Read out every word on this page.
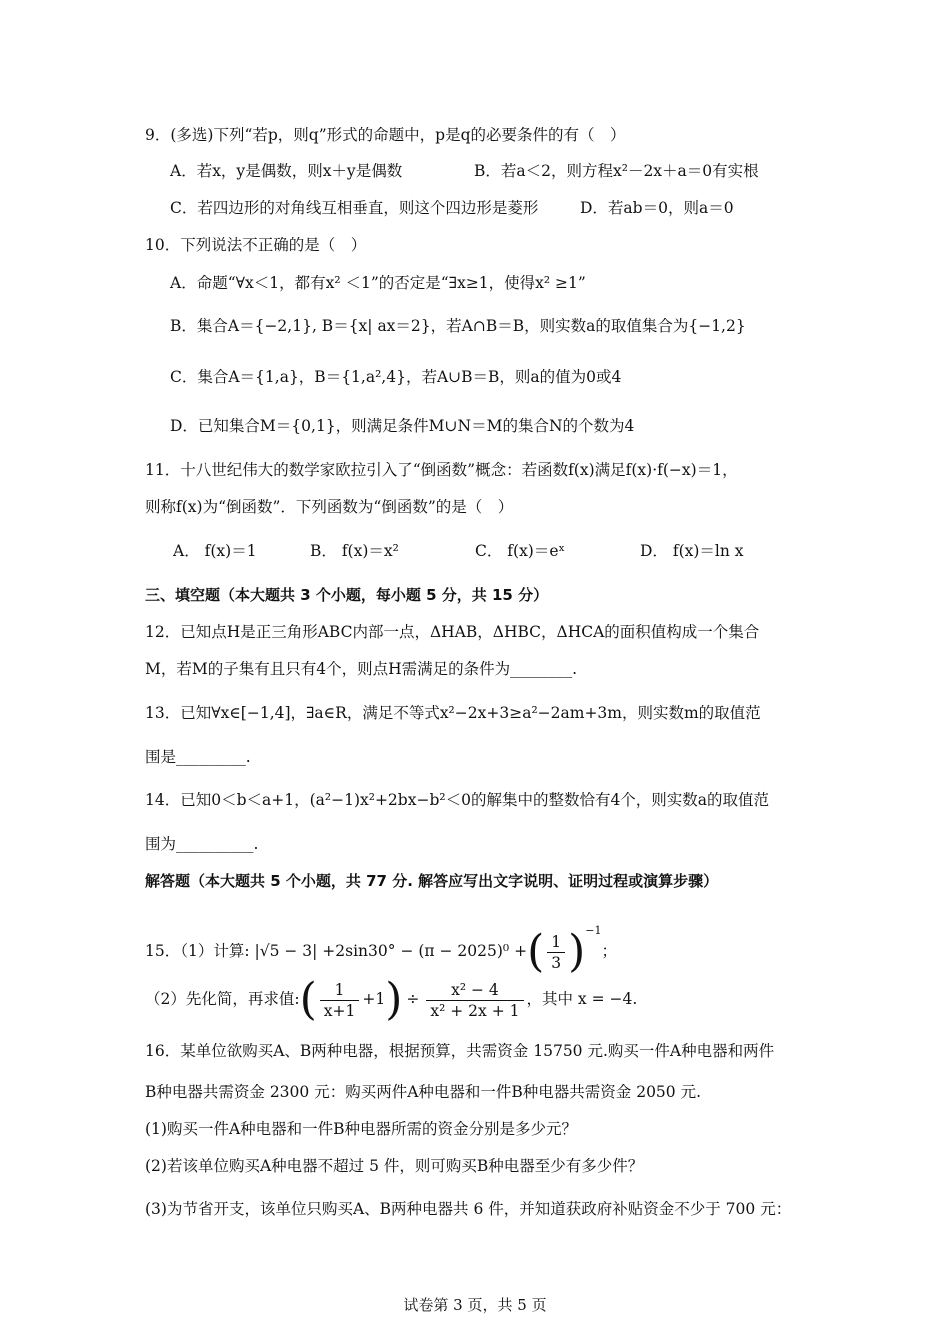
9．(多选)下列“若p，则q”形式的命题中，p是q的必要条件的有（　）
A．若x，y是偶数，则x＋y是偶数	B．若a＜2，则方程x²－2x＋a＝0有实根
C．若四边形的对角线互相垂直，则这个四边形是菱形	D．若ab＝0，则a＝0
10．下列说法不正确的是（　）
A．命题“∀x＜1，都有x² ＜1”的否定是“∃x≥1，使得x² ≥1”
B．集合A＝{−2,1}, B＝{x| ax＝2}，若A∩B＝B，则实数a的取值集合为{−1,2}
C．集合A＝{1,a}，B＝{1,a²,4}，若A∪B＝B，则a的值为0或4
D．已知集合M＝{0,1}，则满足条件M∪N＝M的集合N的个数为4
11．十八世纪伟大的数学家欧拉引入了“倒函数”概念：若函数f(x)满足f(x)·f(−x)＝1，
则称f(x)为“倒函数”．下列函数为“倒函数”的是（　）
A． f(x)＝1	B． f(x)＝x²	C． f(x)＝eˣ	D． f(x)＝ln x
三、填空题（本大题共 3 个小题，每小题 5 分，共 15 分）
12．已知点H是正三角形ABC内部一点，ΔHAB，ΔHBC，ΔHCA的面积值构成一个集合
M，若M的子集有且只有4个，则点H需满足的条件为________.
13．已知∀x∈[−1,4]，∃a∈R，满足不等式x²−2x+3≥a²−2am+3m，则实数m的取值范
围是_________.
14．已知0＜b＜a+1，(a²−1)x²+2bx−b²＜0的解集中的整数恰有4个，则实数a的取值范
围为__________.
解答题（本大题共 5 个小题，共 77 分. 解答应写出文字说明、证明过程或演算步骤）
15．（1）计算: |√5 − 3| +2sin30° − (π − 2025)⁰ +( $\frac{1}{3} )^{-1}$；
（2）先化简，再求值:( $\frac{1}{x+1} +1) \div \frac{\text{x² − 4}}{\text{x² + 2x + 1}}$ ，其中 x = −4.
16．某单位欲购买A、B两种电器，根据预算，共需资金 15750 元.购买一件A种电器和两件
B种电器共需资金 2300 元：购买两件A种电器和一件B种电器共需资金 2050 元.
(1)购买一件A种电器和一件B种电器所需的资金分别是多少元？
(2)若该单位购买A种电器不超过 5 件，则可购买B种电器至少有多少件？
(3)为节省开支，该单位只购买A、B两种电器共 6 件，并知道获政府补贴资金不少于 700 元：
试卷第 3 页，共 5 页
